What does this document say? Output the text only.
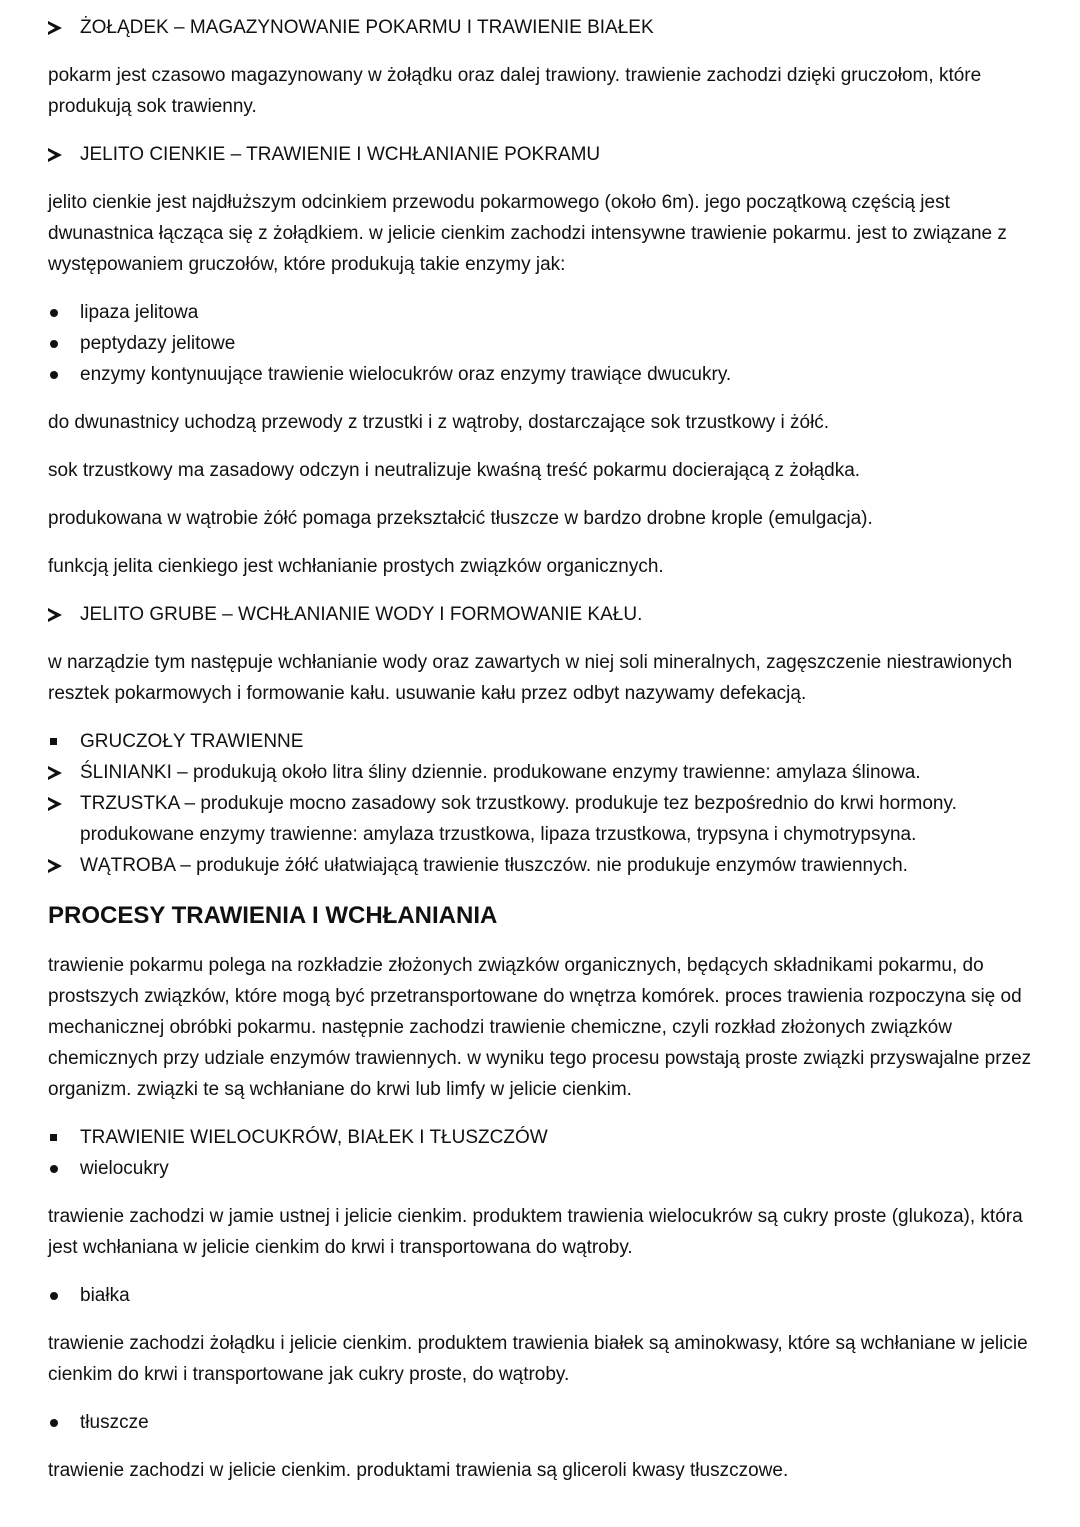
ŻOŁĄDEK – MAGAZYNOWANIE POKARMU I TRAWIENIE BIAŁEK

pokarm jest czasowo magazynowany w żołądku oraz dalej trawiony. trawienie zachodzi dzięki gruczołom, które produkują sok trawienny.

JELITO CIENKIE – TRAWIENIE I WCHŁANIANIE POKRAMU

jelito cienkie jest najdłuższym odcinkiem przewodu pokarmowego (około 6m). jego początkową częścią jest dwunastnica łącząca się z żołądkiem. w jelicie cienkim zachodzi intensywne trawienie pokarmu. jest to związane z występowaniem gruczołów, które produkują takie enzymy jak:

lipaza jelitowa
peptydazy jelitowe
enzymy kontynuujące trawienie wielocukrów oraz enzymy trawiące dwucukry.

do dwunastnicy uchodzą przewody z trzustki i z wątroby, dostarczające sok trzustkowy i żółć.

sok trzustkowy ma zasadowy odczyn i neutralizuje kwaśną treść pokarmu docierającą z żołądka.

produkowana w wątrobie żółć pomaga przekształcić tłuszcze w bardzo drobne krople (emulgacja).

funkcją jelita cienkiego jest wchłanianie prostych związków organicznych.

JELITO GRUBE – WCHŁANIANIE WODY I FORMOWANIE KAŁU.

w narządzie tym następuje wchłanianie wody oraz zawartych w niej soli mineralnych, zagęszczenie niestrawionych resztek pokarmowych i formowanie kału. usuwanie kału przez odbyt nazywamy defekacją.

GRUCZOŁY TRAWIENNE
ŚLINIANKI – produkują około litra śliny dziennie. produkowane enzymy trawienne: amylaza ślinowa.
TRZUSTKA – produkuje mocno zasadowy sok trzustkowy. produkuje tez bezpośrednio do krwi hormony. produkowane enzymy trawienne: amylaza trzustkowa, lipaza trzustkowa, trypsyna i chymotrypsyna.
WĄTROBA – produkuje żółć ułatwiającą trawienie tłuszczów. nie produkuje enzymów trawiennych.
PROCESY TRAWIENIA I WCHŁANIANIA

trawienie pokarmu polega na rozkładzie złożonych związków organicznych, będących składnikami pokarmu, do prostszych związków, które mogą być przetransportowane do wnętrza komórek. proces trawienia rozpoczyna się od mechanicznej obróbki pokarmu. następnie zachodzi trawienie chemiczne, czyli rozkład złożonych związków chemicznych przy udziale enzymów trawiennych. w wyniku tego procesu powstają proste związki przyswajalne przez organizm. związki te są wchłaniane do krwi lub limfy w jelicie cienkim.

TRAWIENIE WIELOCUKRÓW, BIAŁEK I TŁUSZCZÓW
wielocukry

trawienie zachodzi w jamie ustnej i jelicie cienkim. produktem trawienia wielocukrów są cukry proste (glukoza), która jest wchłaniana w jelicie cienkim do krwi i transportowana do wątroby.

białka

trawienie zachodzi żołądku i jelicie cienkim. produktem trawienia białek są aminokwasy, które są wchłaniane w jelicie cienkim do krwi i transportowane jak cukry proste, do wątroby.

tłuszcze

trawienie zachodzi w jelicie cienkim. produktami trawienia są gliceroli kwasy tłuszczowe.
